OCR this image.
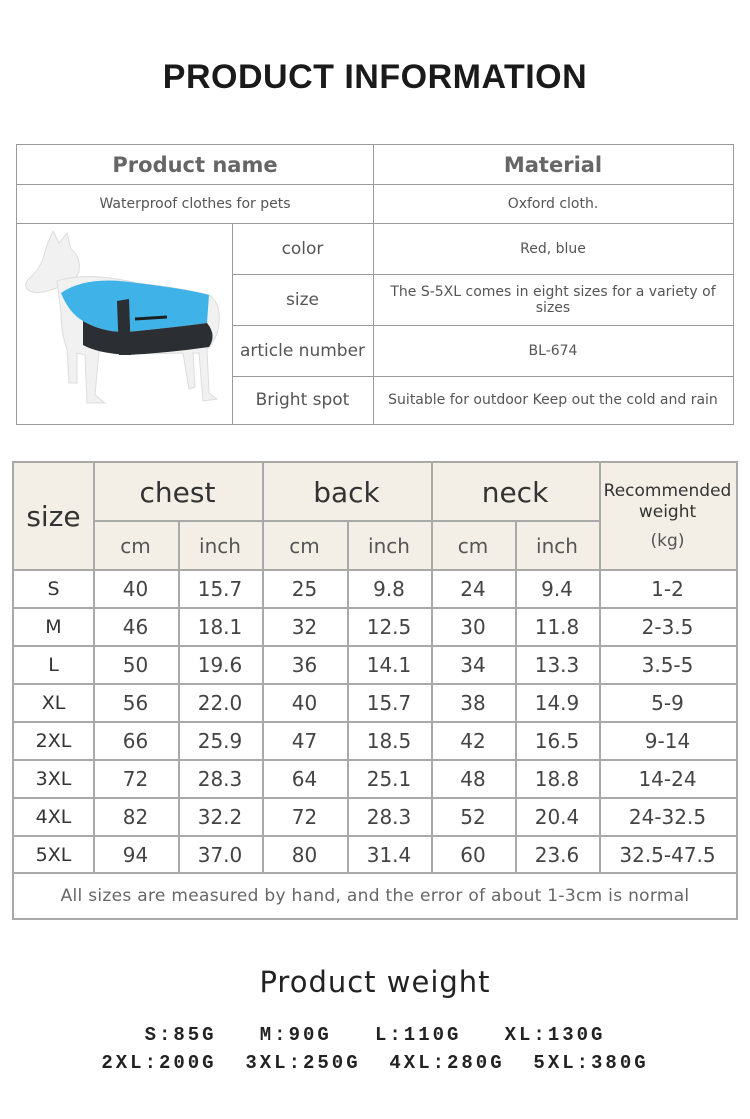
PRODUCT INFORMATION
Product name	Material
Waterproof clothes for pets	Oxford cloth.
color	Red, blue
size	The S-5XL comes in eight sizes for a variety of sizes
article number	BL-674
Bright spot	Suitable for outdoor Keep out the cold and rain
size
chest	back	neck	Recommended
weight
(kg)
cm	inch	cm	inch	cm	inch
S	40	15.7	25	9.8	24	9.4	1-2
M	46	18.1	32	12.5	30	11.8	2-3.5
L	50	19.6	36	14.1	34	13.3	3.5-5
XL	56	22.0	40	15.7	38	14.9	5-9
2XL	66	25.9	47	18.5	42	16.5	9-14
3XL	72	28.3	64	25.1	48	18.8	14-24
4XL	82	32.2	72	28.3	52	20.4	24-32.5
5XL	94	37.0	80	31.4	60	23.6	32.5-47.5
All sizes are measured by hand, and the error of about 1-3cm is normal
Product weight
S:85G   M:90G   L:110G   XL:130G
2XL:200G  3XL:250G  4XL:280G  5XL:380G
